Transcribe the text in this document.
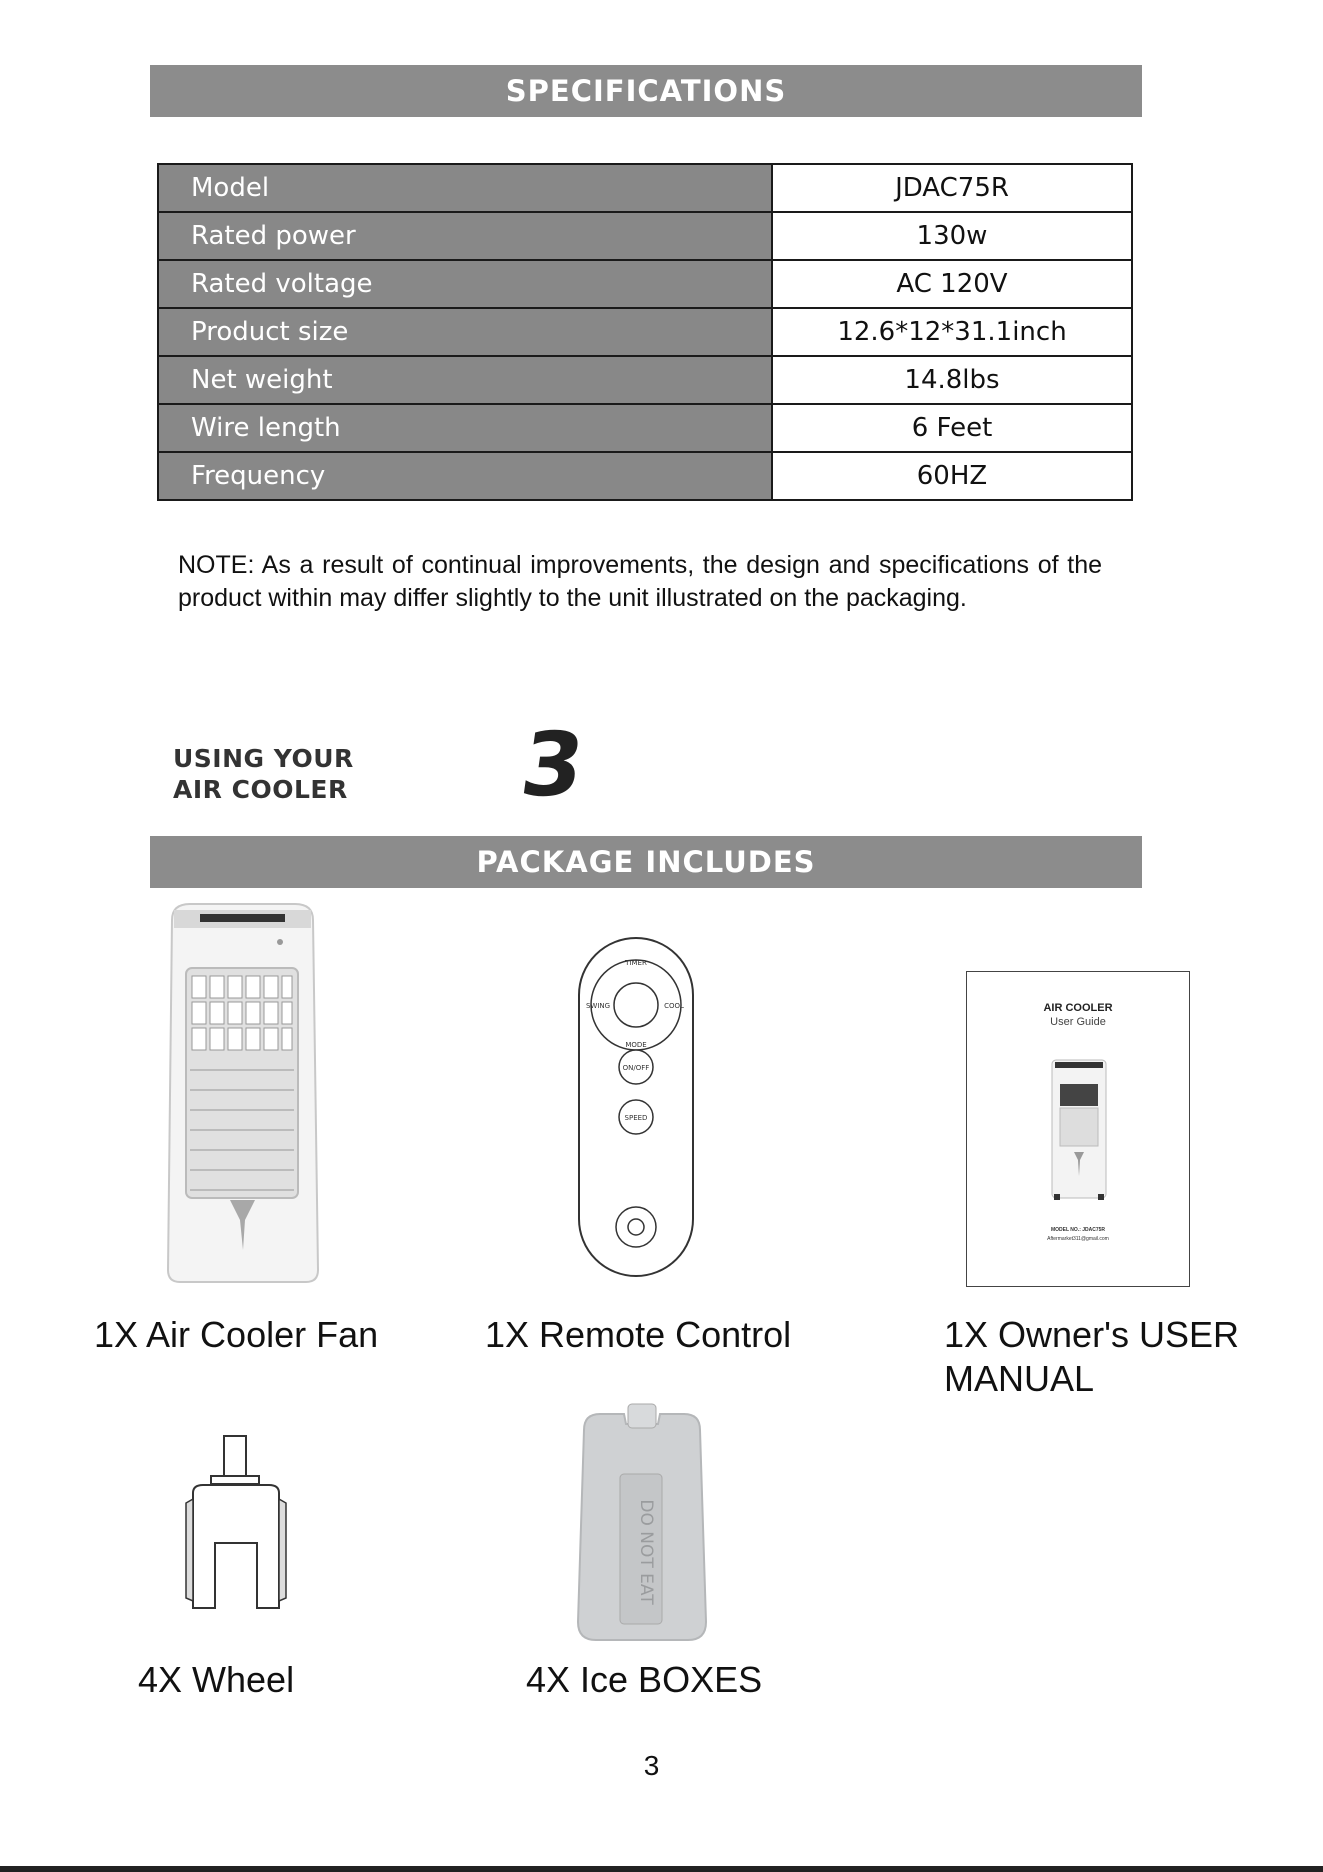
SPECIFICATIONS
Model	JDAC75R
Rated power	130w
Rated voltage	AC 120V
Product size	12.6*12*31.1inch
Net weight	14.8lbs
Wire length	6 Feet
Frequency	60HZ
NOTE: As a result of continual improvements, the design and specifications of the product within may differ slightly to the unit illustrated on the packaging.
USING YOUR
AIR COOLER 3
PACKAGE INCLUDES
TIMER
SWING	COOL
MODE
ON/OFF
SPEED
AIR COOLER
User Guide
MODEL NO.: JDAC75R
Aftermarket311@gmail.com
1X Air Cooler Fan	1X Remote Control	1X Owner's USER
MANUAL
DO NOT EAT
4X Wheel	4X Ice BOXES
3
